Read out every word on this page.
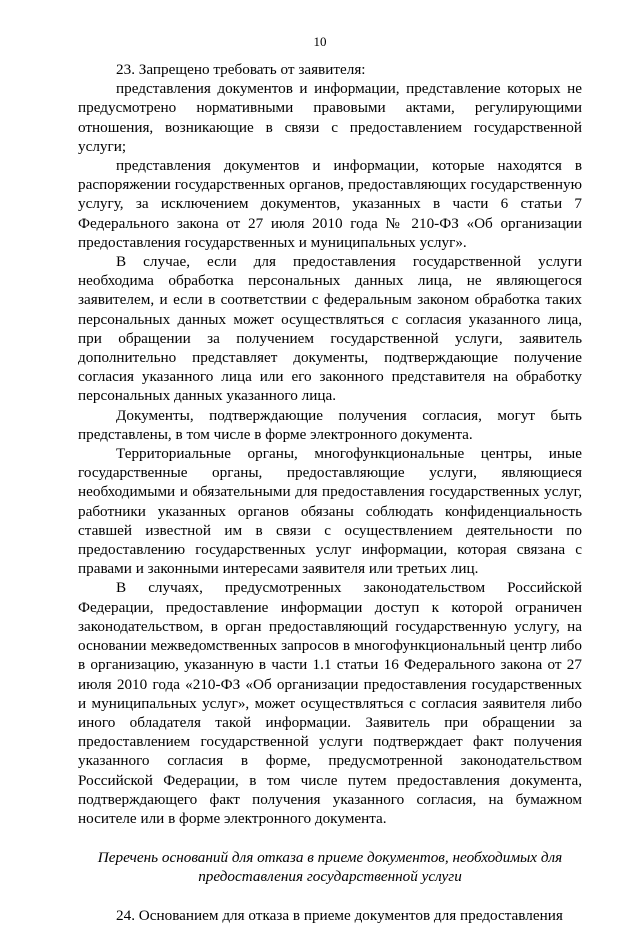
10

23. Запрещено требовать от заявителя:

представления документов и информации, представление которых не предусмотрено нормативными правовыми актами, регулирующими отношения, возникающие в связи с предоставлением государственной услуги;

представления документов и информации, которые находятся в распоряжении государственных органов, предоставляющих государственную услугу, за исключением документов, указанных в части 6 статьи 7 Федерального закона от 27 июля 2010 года № 210-ФЗ «Об организации предоставления государственных и муниципальных услуг».

В случае, если для предоставления государственной услуги необходима обработка персональных данных лица, не являющегося заявителем, и если в соответствии с федеральным законом обработка таких персональных данных может осуществляться с согласия указанного лица, при обращении за получением государственной услуги, заявитель дополнительно представляет документы, подтверждающие получение согласия указанного лица или его законного представителя на обработку персональных данных указанного лица.

Документы, подтверждающие получения согласия, могут быть представлены, в том числе в форме электронного документа.

Территориальные органы, многофункциональные центры, иные государственные органы, предоставляющие услуги, являющиеся необходимыми и обязательными для предоставления государственных услуг, работники указанных органов обязаны соблюдать конфиденциальность ставшей известной им в связи с осуществлением деятельности по предоставлению государственных услуг информации, которая связана с правами и законными интересами заявителя или третьих лиц.

В случаях, предусмотренных законодательством Российской Федерации, предоставление информации доступ к которой ограничен законодательством, в орган предоставляющий государственную услугу, на основании межведомственных запросов в многофункциональный центр либо в организацию, указанную в части 1.1 статьи 16 Федерального закона от 27 июля 2010 года «210-ФЗ «Об организации предоставления государственных и муниципальных услуг», может осуществляться с согласия заявителя либо иного обладателя такой информации. Заявитель при обращении за предоставлением государственной услуги подтверждает факт получения указанного согласия в форме, предусмотренной законодательством Российской Федерации, в том числе путем предоставления документа, подтверждающего факт получения указанного согласия, на бумажном носителе или в форме электронного документа.

Перечень оснований для отказа в приеме документов, необходимых для предоставления государственной услуги

24. Основанием для отказа в приеме документов для предоставления
